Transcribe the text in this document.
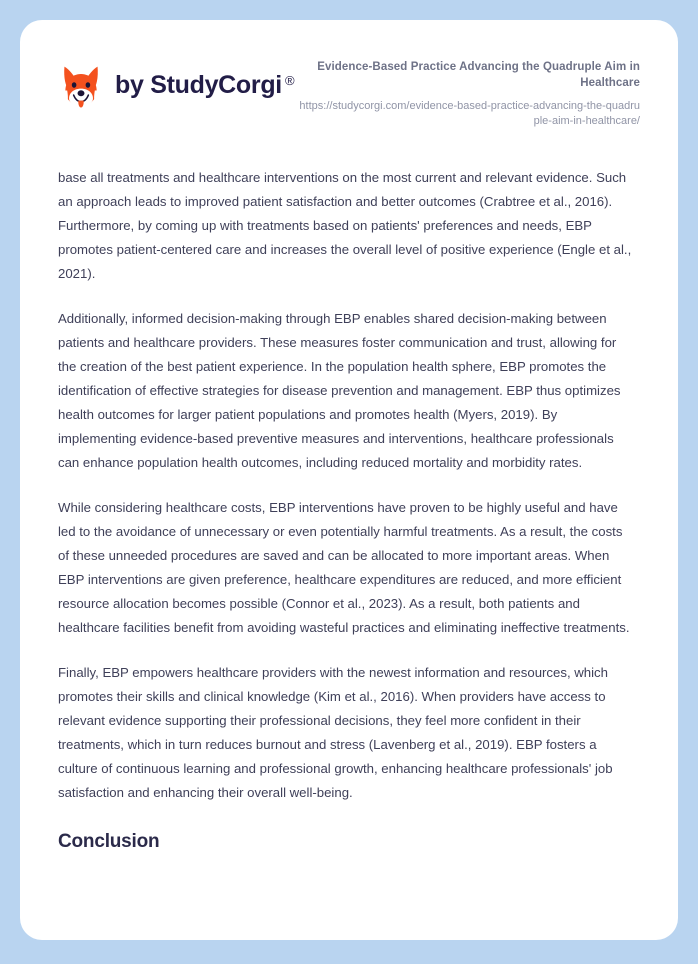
by StudyCorgi ®

Evidence-Based Practice Advancing the Quadruple Aim in Healthcare

https://studycorgi.com/evidence-based-practice-advancing-the-quadruple-aim-in-healthcare/

base all treatments and healthcare interventions on the most current and relevant evidence. Such an approach leads to improved patient satisfaction and better outcomes (Crabtree et al., 2016). Furthermore, by coming up with treatments based on patients' preferences and needs, EBP promotes patient-centered care and increases the overall level of positive experience (Engle et al., 2021).

Additionally, informed decision-making through EBP enables shared decision-making between patients and healthcare providers. These measures foster communication and trust, allowing for the creation of the best patient experience. In the population health sphere, EBP promotes the identification of effective strategies for disease prevention and management. EBP thus optimizes health outcomes for larger patient populations and promotes health (Myers, 2019). By implementing evidence-based preventive measures and interventions, healthcare professionals can enhance population health outcomes, including reduced mortality and morbidity rates.

While considering healthcare costs, EBP interventions have proven to be highly useful and have led to the avoidance of unnecessary or even potentially harmful treatments. As a result, the costs of these unneeded procedures are saved and can be allocated to more important areas. When EBP interventions are given preference, healthcare expenditures are reduced, and more efficient resource allocation becomes possible (Connor et al., 2023). As a result, both patients and healthcare facilities benefit from avoiding wasteful practices and eliminating ineffective treatments.

Finally, EBP empowers healthcare providers with the newest information and resources, which promotes their skills and clinical knowledge (Kim et al., 2016). When providers have access to relevant evidence supporting their professional decisions, they feel more confident in their treatments, which in turn reduces burnout and stress (Lavenberg et al., 2019). EBP fosters a culture of continuous learning and professional growth, enhancing healthcare professionals' job satisfaction and enhancing their overall well-being.

Conclusion
